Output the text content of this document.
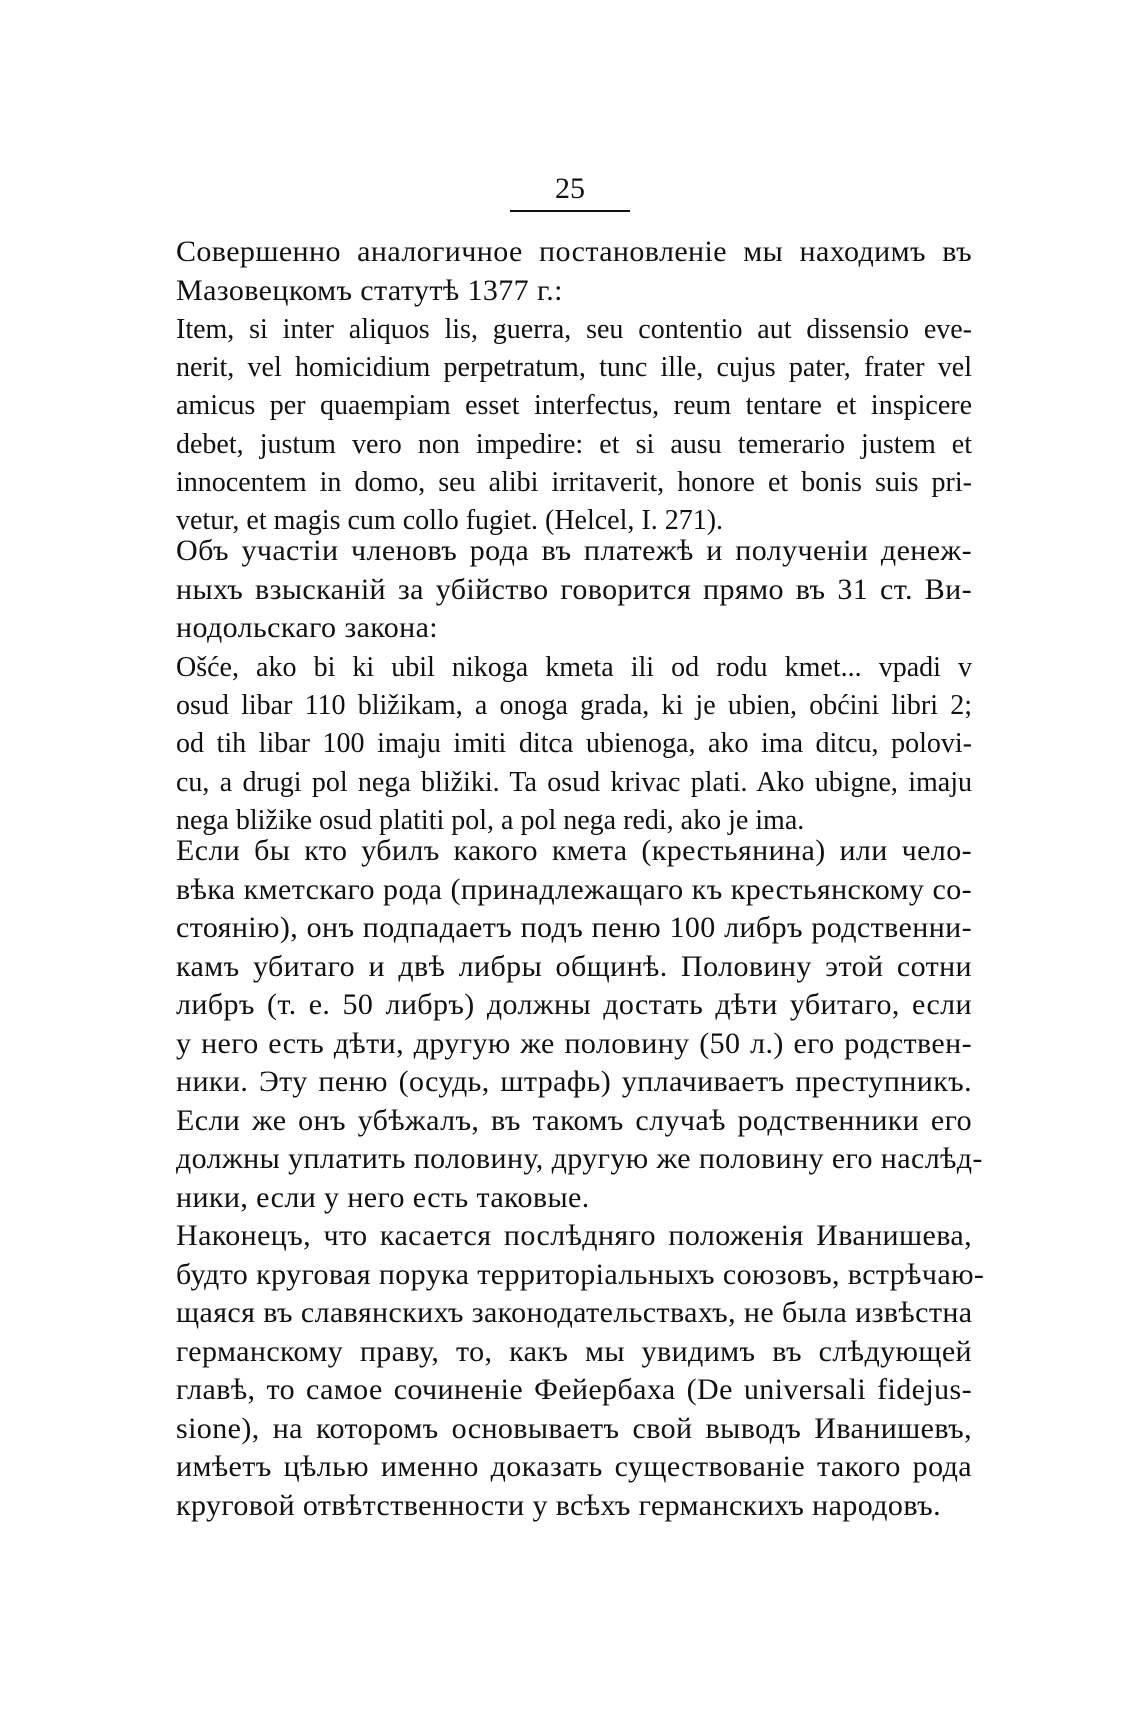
25
Совершенно аналогичное постановленіе мы находимъ въ
Мазовецкомъ статутѣ 1377 г.:
Item, si inter aliquos lis, guerra, seu contentio aut dissensio eve-
nerit, vel homicidium perpetratum, tunc ille, cujus pater, frater vel
amicus per quaempiam esset interfectus, reum tentare et inspicere
debet, justum vero non impedire: et si ausu temerario justem et
innocentem in domo, seu alibi irritaverit, honore et bonis suis pri-
vetur, et magis cum collo fugiet. (Helcel, I. 271).
Объ участіи членовъ рода въ платежѣ и полученіи денеж-
ныхъ взысканій за убійство говорится прямо въ 31 ст. Ви-
нодольскаго закона:
Ošće, ako bi ki ubil nikoga kmeta ili od rodu kmet... vpadi v
osud libar 110 bližikam, a onoga grada, ki je ubien, obćini libri 2;
od tih libar 100 imaju imiti ditca ubienoga, ako ima ditcu, polovi-
cu, a drugi pol nega bližiki. Ta osud krivac plati. Ako ubigne, imaju
nega bližike osud platiti pol, a pol nega redi, ako je ima.
Если бы кто убилъ какого кмета (крестьянина) или чело-
вѣка кметскаго рода (принадлежащаго къ крестьянскому со-
стоянію), онъ подпадаетъ подъ пеню 100 либръ родственни-
камъ убитаго и двѣ либры общинѣ. Половину этой сотни
либръ (т. е. 50 либръ) должны достать дѣти убитаго, если
у него есть дѣти, другую же половину (50 л.) его родствен-
ники. Эту пеню (осудь, штрафь) уплачиваетъ преступникъ.
Если же онъ убѣжалъ, въ такомъ случаѣ родственники его
должны уплатить половину, другую же половину его наслѣд-
ники, если у него есть таковые.
Наконецъ, что касается послѣдняго положенія Иванишева,
будто круговая порука территоріальныхъ союзовъ, встрѣчаю-
щаяся въ славянскихъ законодательствахъ, не была извѣстна
германскому праву, то, какъ мы увидимъ въ слѣдующей
главѣ, то самое сочиненіе Фейербаха (De universali fidejus-
sione), на которомъ основываетъ свой выводъ Иванишевъ,
имѣетъ цѣлью именно доказать существованіе такого рода
круговой отвѣтственности у всѣхъ германскихъ народовъ.
